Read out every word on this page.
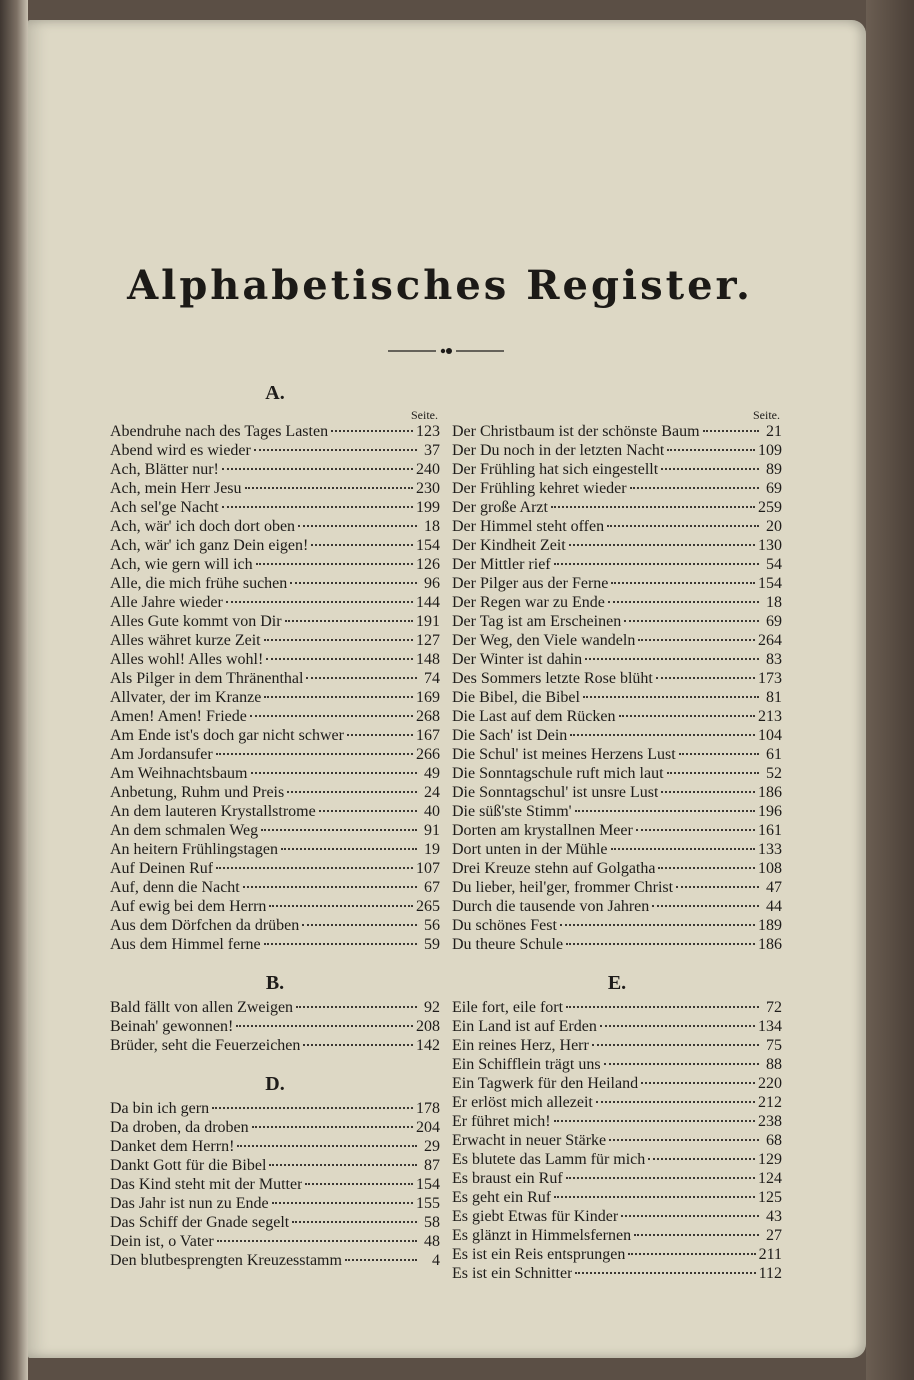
Alphabetisches Register.
A.
Seite.
Abendruhe nach des Tages Lasten	123
Abend wird es wieder	37
Ach, Blätter nur!	240
Ach, mein Herr Jesu	230
Ach sel'ge Nacht	199
Ach, wär' ich doch dort oben	18
Ach, wär' ich ganz Dein eigen!	154
Ach, wie gern will ich	126
Alle, die mich frühe suchen	96
Alle Jahre wieder	144
Alles Gute kommt von Dir	191
Alles währet kurze Zeit	127
Alles wohl! Alles wohl!	148
Als Pilger in dem Thränenthal	74
Allvater, der im Kranze	169
Amen! Amen! Friede	268
Am Ende ist's doch gar nicht schwer	167
Am Jordansufer	266
Am Weihnachtsbaum	49
Anbetung, Ruhm und Preis	24
An dem lauteren Krystallstrome	40
An dem schmalen Weg	91
An heitern Frühlingstagen	19
Auf Deinen Ruf	107
Auf, denn die Nacht	67
Auf ewig bei dem Herrn	265
Aus dem Dörfchen da drüben	56
Aus dem Himmel ferne	59
B.
Bald fällt von allen Zweigen	92
Beinah' gewonnen!	208
Brüder, seht die Feuerzeichen	142
D.
Da bin ich gern	178
Da droben, da droben	204
Danket dem Herrn!	29
Dankt Gott für die Bibel	87
Das Kind steht mit der Mutter	154
Das Jahr ist nun zu Ende	155
Das Schiff der Gnade segelt	58
Dein ist, o Vater	48
Den blutbesprengten Kreuzesstamm	4
Seite.
Der Christbaum ist der schönste Baum	21
Der Du noch in der letzten Nacht	109
Der Frühling hat sich eingestellt	89
Der Frühling kehret wieder	69
Der große Arzt	259
Der Himmel steht offen	20
Der Kindheit Zeit	130
Der Mittler rief	54
Der Pilger aus der Ferne	154
Der Regen war zu Ende	18
Der Tag ist am Erscheinen	69
Der Weg, den Viele wandeln	264
Der Winter ist dahin	83
Des Sommers letzte Rose blüht	173
Die Bibel, die Bibel	81
Die Last auf dem Rücken	213
Die Sach' ist Dein	104
Die Schul' ist meines Herzens Lust	61
Die Sonntagschule ruft mich laut	52
Die Sonntagschul' ist unsre Lust	186
Die süß'ste Stimm'	196
Dorten am krystallnen Meer	161
Dort unten in der Mühle	133
Drei Kreuze stehn auf Golgatha	108
Du lieber, heil'ger, frommer Christ	47
Durch die tausende von Jahren	44
Du schönes Fest	189
Du theure Schule	186
E.
Eile fort, eile fort	72
Ein Land ist auf Erden	134
Ein reines Herz, Herr	75
Ein Schifflein trägt uns	88
Ein Tagwerk für den Heiland	220
Er erlöst mich allezeit	212
Er führet mich!	238
Erwacht in neuer Stärke	68
Es blutete das Lamm für mich	129
Es braust ein Ruf	124
Es geht ein Ruf	125
Es giebt Etwas für Kinder	43
Es glänzt in Himmelsfernen	27
Es ist ein Reis entsprungen	211
Es ist ein Schnitter	112
